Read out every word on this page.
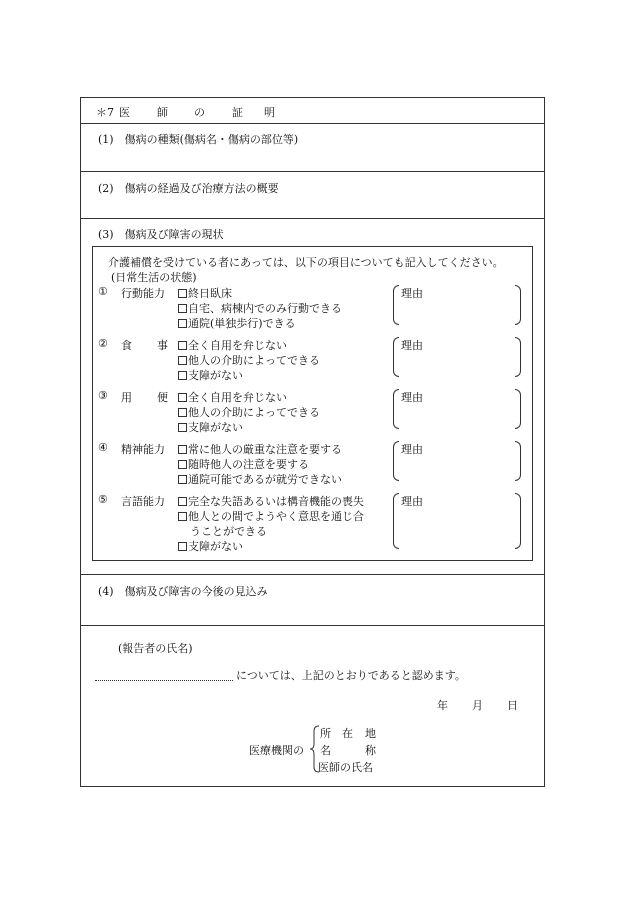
＊7 医 師 の 証 明
(1)　傷病の種類(傷病名・傷病の部位等)
(2)　傷病の経過及び治療方法の概要
(3)　傷病及び障害の現状
(4)　傷病及び障害の今後の見込み
介護補償を受けている者にあっては、以下の項目についても記入してください。
(日常生活の状態)
① 行動能力	終日臥床
自宅、病棟内でのみ行動できる
通院(単独歩行)できる
理由
② 食 事	全く自用を弁じない
他人の介助によってできる
支障がない
理由
③ 用 便	全く自用を弁じない
他人の介助によってできる
支障がない
理由
④ 精神能力	常に他人の厳重な注意を要する
随時他人の注意を要する
通院可能であるが就労できない
理由
⑤ 言語能力	完全な失語あるいは構音機能の喪失
他人との間でようやく意思を通じ合
うことができる
支障がない
理由
(報告者の氏名)
については、上記のとおりであると認めます。
年 月 日
医療機関の
所 在 地
名	称
医師の氏名
